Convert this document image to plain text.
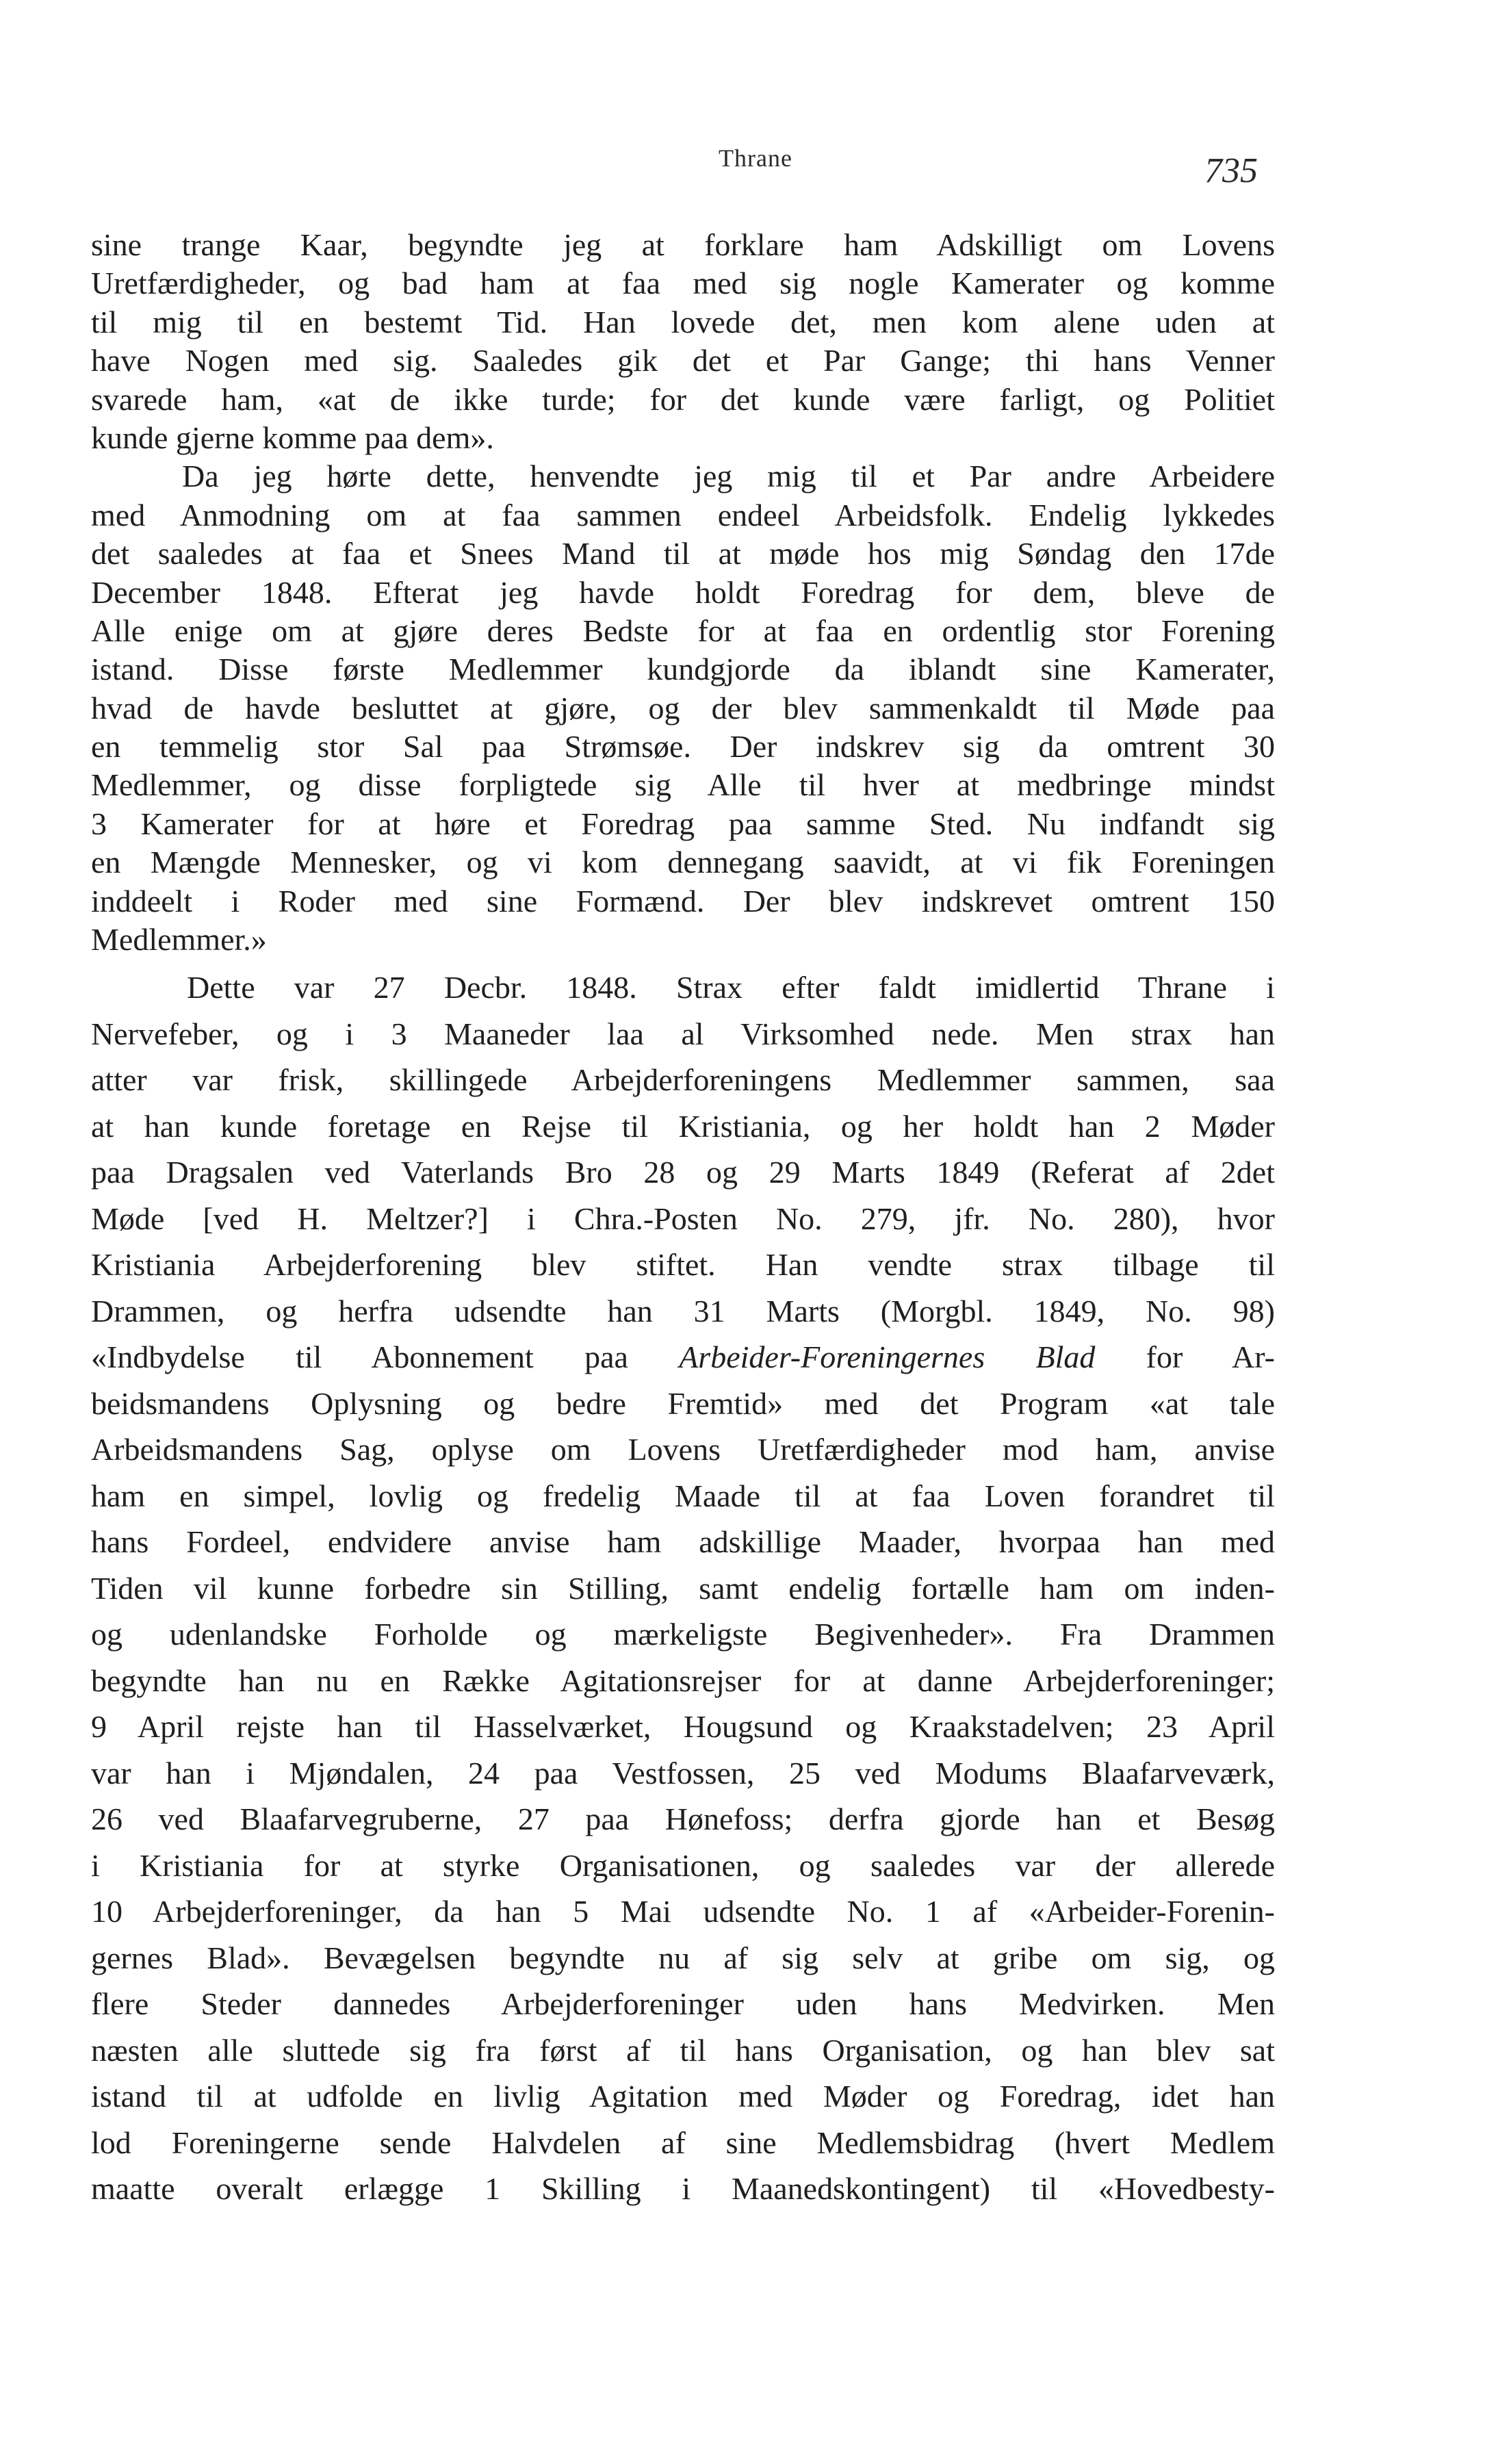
Thrane	735
sine trange Kaar, begyndte jeg at forklare ham Adskilligt om Lovens
Uretfærdigheder, og bad ham at faa med sig nogle Kamerater og komme
til mig til en bestemt Tid. Han lovede det, men kom alene uden at
have Nogen med sig. Saaledes gik det et Par Gange; thi hans Venner
svarede ham, «at de ikke turde; for det kunde være farligt, og Politiet
kunde gjerne komme paa dem».
Da jeg hørte dette, henvendte jeg mig til et Par andre Arbeidere
med Anmodning om at faa sammen endeel Arbeidsfolk. Endelig lykkedes
det saaledes at faa et Snees Mand til at møde hos mig Søndag den 17de
December 1848. Efterat jeg havde holdt Foredrag for dem, bleve de
Alle enige om at gjøre deres Bedste for at faa en ordentlig stor Forening
istand. Disse første Medlemmer kundgjorde da iblandt sine Kamerater,
hvad de havde besluttet at gjøre, og der blev sammenkaldt til Møde paa
en temmelig stor Sal paa Strømsøe. Der indskrev sig da omtrent 30
Medlemmer, og disse forpligtede sig Alle til hver at medbringe mindst
3 Kamerater for at høre et Foredrag paa samme Sted. Nu indfandt sig
en Mængde Mennesker, og vi kom dennegang saavidt, at vi fik Foreningen
inddeelt i Roder med sine Formænd. Der blev indskrevet omtrent 150
Medlemmer.»
Dette var 27 Decbr. 1848. Strax efter faldt imidlertid Thrane i
Nervefeber, og i 3 Maaneder laa al Virksomhed nede. Men strax han
atter var frisk, skillingede Arbejderforeningens Medlemmer sammen, saa
at han kunde foretage en Rejse til Kristiania, og her holdt han 2 Møder
paa Dragsalen ved Vaterlands Bro 28 og 29 Marts 1849 (Referat af 2det
Møde [ved H. Meltzer?] i Chra.-Posten No. 279, jfr. No. 280), hvor
Kristiania Arbejderforening blev stiftet. Han vendte strax tilbage til
Drammen, og herfra udsendte han 31 Marts (Morgbl. 1849, No. 98)
«Indbydelse til Abonnement paa Arbeider-Foreningernes Blad for Ar-
beidsmandens Oplysning og bedre Fremtid» med det Program «at tale
Arbeidsmandens Sag, oplyse om Lovens Uretfærdigheder mod ham, anvise
ham en simpel, lovlig og fredelig Maade til at faa Loven forandret til
hans Fordeel, endvidere anvise ham adskillige Maader, hvorpaa han med
Tiden vil kunne forbedre sin Stilling, samt endelig fortælle ham om inden-
og udenlandske Forholde og mærkeligste Begivenheder». Fra Drammen
begyndte han nu en Række Agitationsrejser for at danne Arbejderforeninger;
9 April rejste han til Hasselværket, Hougsund og Kraakstadelven; 23 April
var han i Mjøndalen, 24 paa Vestfossen, 25 ved Modums Blaafarveværk,
26 ved Blaafarvegruberne, 27 paa Hønefoss; derfra gjorde han et Besøg
i Kristiania for at styrke Organisationen, og saaledes var der allerede
10 Arbejderforeninger, da han 5 Mai udsendte No. 1 af «Arbeider-Forenin-
gernes Blad». Bevægelsen begyndte nu af sig selv at gribe om sig, og
flere Steder dannedes Arbejderforeninger uden hans Medvirken. Men
næsten alle sluttede sig fra først af til hans Organisation, og han blev sat
istand til at udfolde en livlig Agitation med Møder og Foredrag, idet han
lod Foreningerne sende Halvdelen af sine Medlemsbidrag (hvert Medlem
maatte overalt erlægge 1 Skilling i Maanedskontingent) til «Hovedbesty-
